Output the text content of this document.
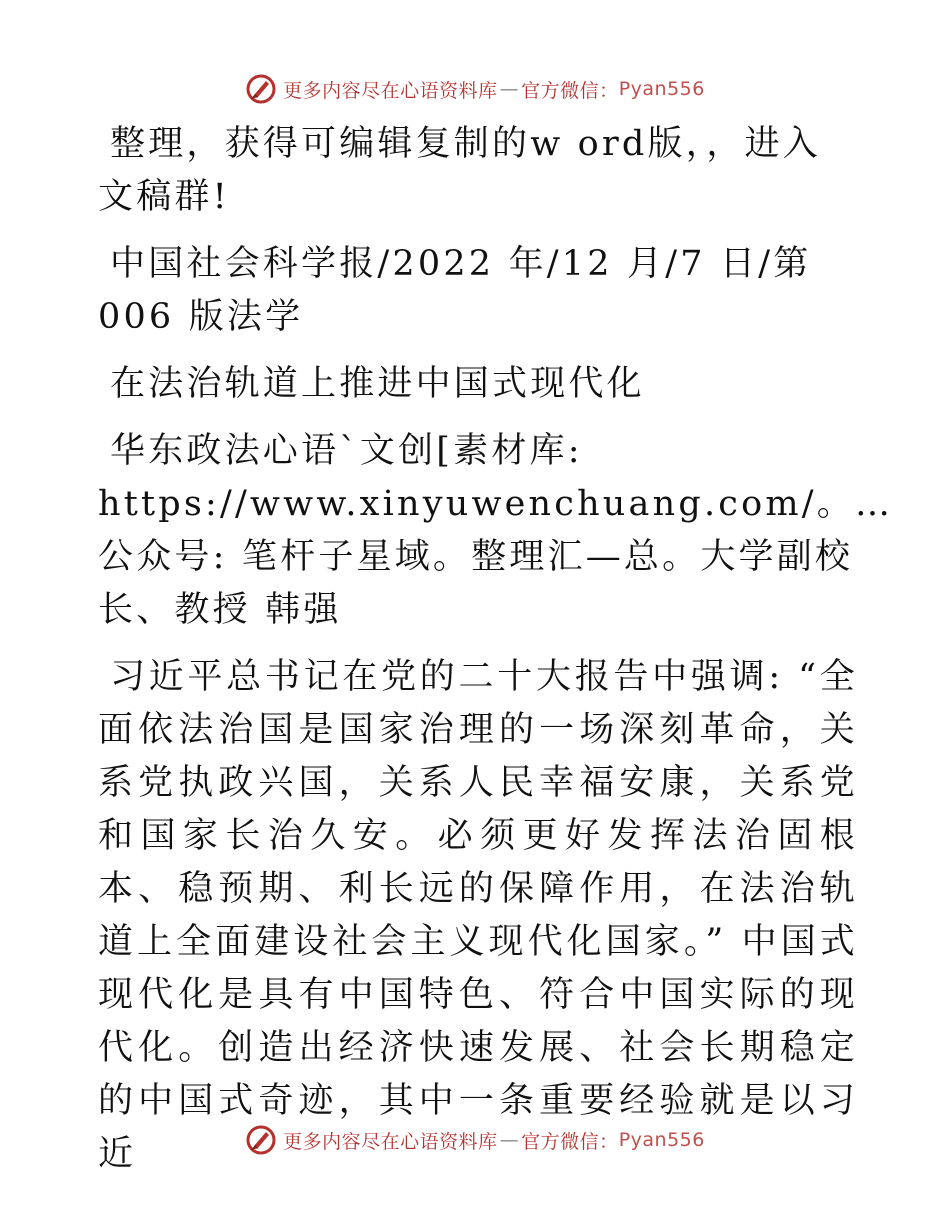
更多内容尽在心语资料库 — 官方微信： Pyan556

整理，获得可编辑复制的w ord版，，进入文稿群!

中国社会科学报/2022 年/12 月/7 日/第 006 版法学

在法治轨道上推进中国式现代化

华东政法心语`文创[素材库: https://www.xinyuwenchuang.com/。…公众号: 笔杆子星域。整理汇—总。大学副校长、教授 韩强

习近平总书记在党的二十大报告中强调: “全面依法治国是国家治理的一场深刻革命，关系党执政兴国，关系人民幸福安康，关系党和国家长治久安。必须更好发挥法治固根本、稳预期、利长远的保障作用，在法治轨道上全面建设社会主义现代化国家。” 中国式现代化是具有中国特色、符合中国实际的现代化。创造出经济快速发展、社会长期稳定的中国式奇迹，其中一条重要经验就是以习近	更多内容尽在心语资料库 — 官方微信： Pyan556
